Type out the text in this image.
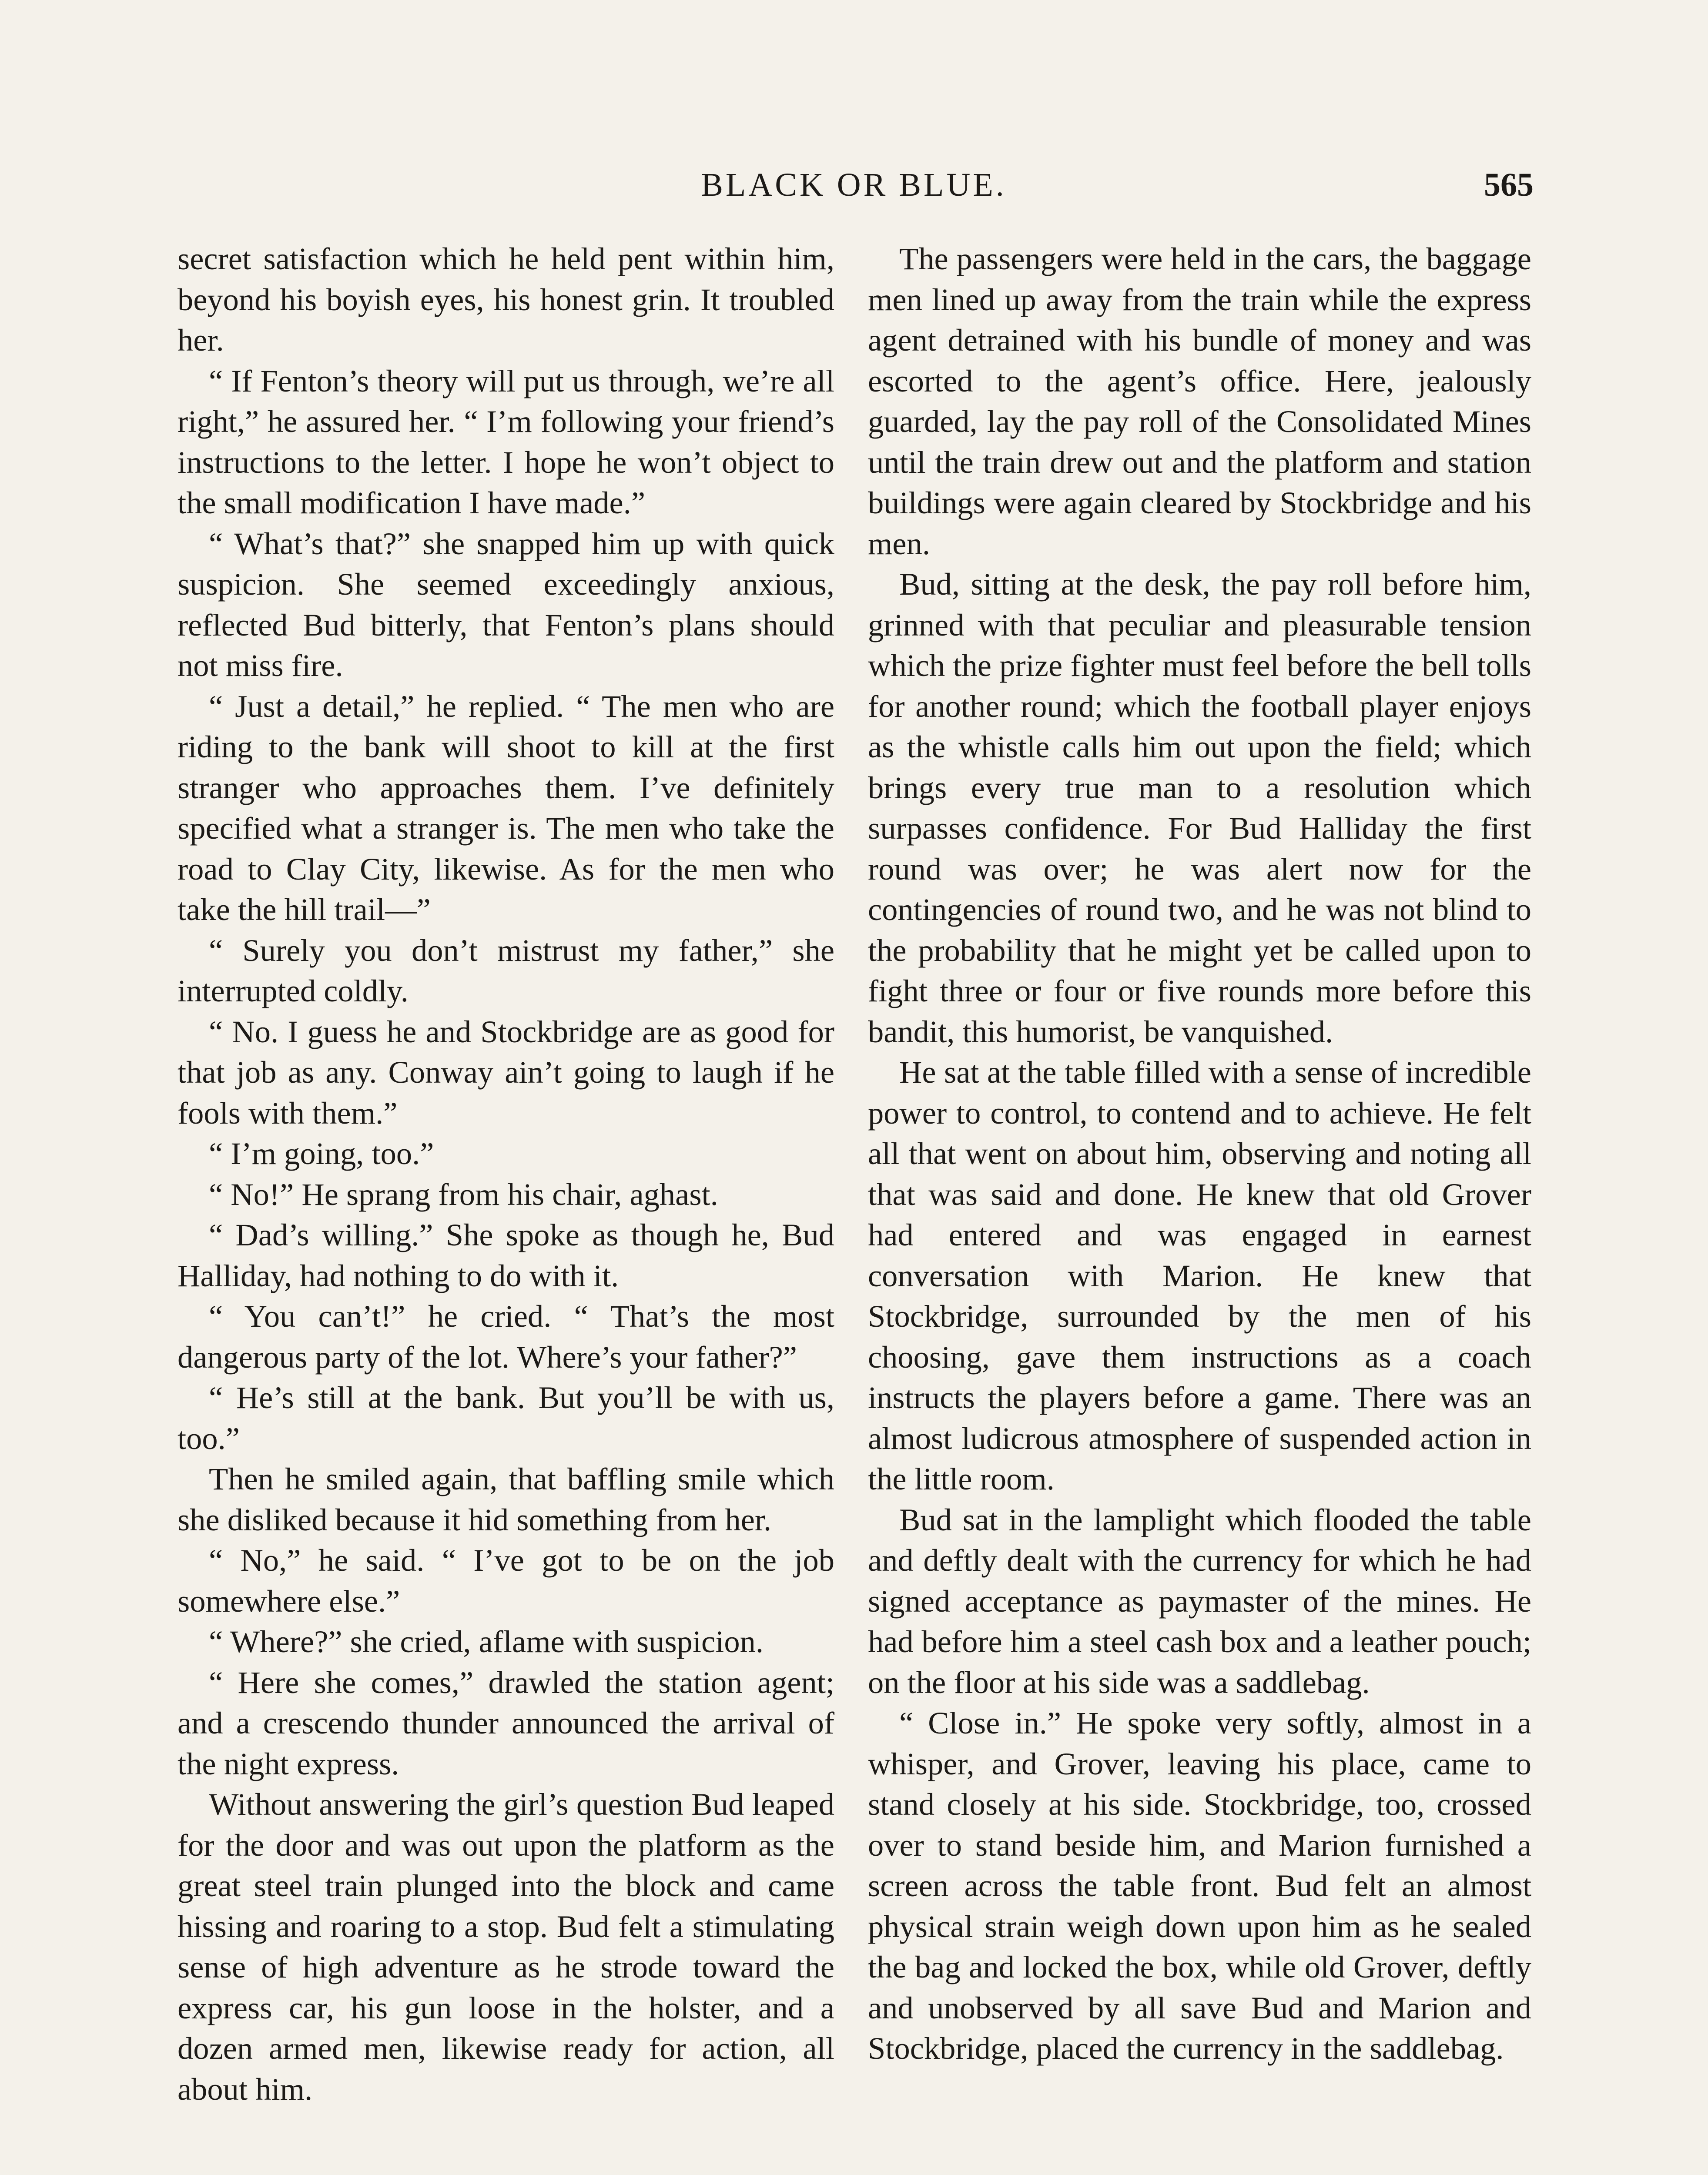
BLACK OR BLUE.	565

secret satisfaction which he held pent within him, beyond his boyish eyes, his honest grin. It troubled her.

“ If Fenton’s theory will put us through, we’re all right,” he assured her. “ I’m following your friend’s instructions to the letter. I hope he won’t object to the small modification I have made.”

“ What’s that?” she snapped him up with quick suspicion. She seemed exceedingly anxious, reflected Bud bitterly, that Fenton’s plans should not miss fire.

“ Just a detail,” he replied. “ The men who are riding to the bank will shoot to kill at the first stranger who approaches them. I’ve definitely specified what a stranger is. The men who take the road to Clay City, likewise. As for the men who take the hill trail—”

“ Surely you don’t mistrust my father,” she interrupted coldly.

“ No. I guess he and Stockbridge are as good for that job as any. Conway ain’t going to laugh if he fools with them.”

“ I’m going, too.”

“ No!” He sprang from his chair, aghast.

“ Dad’s willing.” She spoke as though he, Bud Halliday, had nothing to do with it.

“ You can’t!” he cried. “ That’s the most dangerous party of the lot. Where’s your father?”

“ He’s still at the bank. But you’ll be with us, too.”

Then he smiled again, that baffling smile which she disliked because it hid something from her.

“ No,” he said. “ I’ve got to be on the job somewhere else.”

“ Where?” she cried, aflame with suspicion.

“ Here she comes,” drawled the station agent; and a crescendo thunder announced the arrival of the night express.

Without answering the girl’s question Bud leaped for the door and was out upon the platform as the great steel train plunged into the block and came hissing and roaring to a stop. Bud felt a stimulating sense of high adventure as he strode toward the express car, his gun loose in the holster, and a dozen armed men, likewise ready for action, all about him.

The passengers were held in the cars, the baggage men lined up away from the train while the express agent detrained with his bundle of money and was escorted to the agent’s office. Here, jealously guarded, lay the pay roll of the Consolidated Mines until the train drew out and the platform and station buildings were again cleared by Stockbridge and his men.

Bud, sitting at the desk, the pay roll before him, grinned with that peculiar and pleasurable tension which the prize fighter must feel before the bell tolls for another round; which the football player enjoys as the whistle calls him out upon the field; which brings every true man to a resolution which surpasses confidence. For Bud Halliday the first round was over; he was alert now for the contingencies of round two, and he was not blind to the probability that he might yet be called upon to fight three or four or five rounds more before this bandit, this humorist, be vanquished.

He sat at the table filled with a sense of incredible power to control, to contend and to achieve. He felt all that went on about him, observing and noting all that was said and done. He knew that old Grover had entered and was engaged in earnest conversation with Marion. He knew that Stockbridge, surrounded by the men of his choosing, gave them instructions as a coach instructs the players before a game. There was an almost ludicrous atmosphere of suspended action in the little room.

Bud sat in the lamplight which flooded the table and deftly dealt with the currency for which he had signed acceptance as paymaster of the mines. He had before him a steel cash box and a leather pouch; on the floor at his side was a saddlebag.

“ Close in.” He spoke very softly, almost in a whisper, and Grover, leaving his place, came to stand closely at his side. Stockbridge, too, crossed over to stand beside him, and Marion furnished a screen across the table front. Bud felt an almost physical strain weigh down upon him as he sealed the bag and locked the box, while old Grover, deftly and unobserved by all save Bud and Marion and Stockbridge, placed the currency in the saddlebag.
